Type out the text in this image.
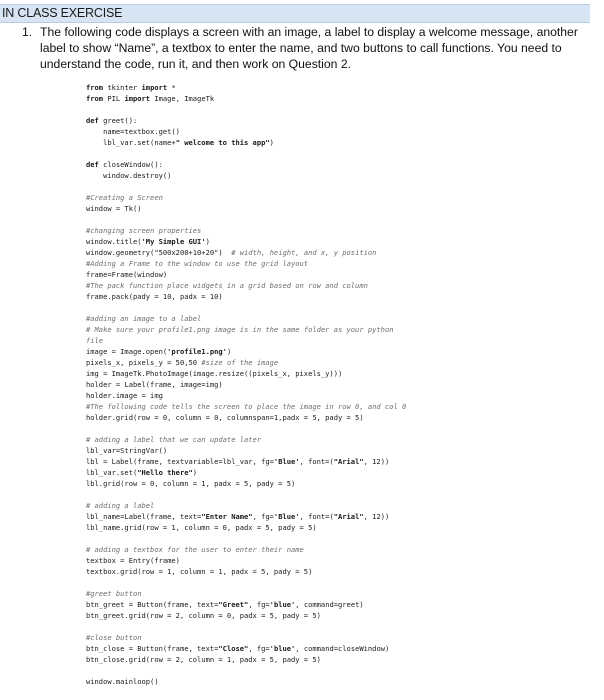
IN CLASS EXERCISE
1. The following code displays a screen with an image, a label to display a welcome message, another
label to show “Name”, a textbox to enter the name, and two buttons to call functions. You need to
understand the code, run it, and then work on Question 2.
from tkinter import *
from PIL import Image, ImageTk
def greet():
name=textbox.get()
lbl_var.set(name+" welcome to this app")
def closeWindow():
window.destroy()
#Creating a Screen
window = Tk()
#changing screen properties
window.title('My Simple GUI')
window.geometry("500x200+10+20")  # width, height, and x, y position
#Adding a Frame to the window to use the grid layout
frame=Frame(window)
#The pack function place widgets in a grid based on row and column
frame.pack(pady = 10, padx = 10)
#adding an image to a label
# Make sure your profile1.png image is in the same folder as your python
file
image = Image.open('profile1.png')
pixels_x, pixels_y = 50,50 #size of the image
img = ImageTk.PhotoImage(image.resize((pixels_x, pixels_y)))
holder = Label(frame, image=img)
holder.image = img
#The following code tells the screen to place the image in row 0, and col 0
holder.grid(row = 0, column = 0, columnspan=1,padx = 5, pady = 5)
# adding a label that we can update later
lbl_var=StringVar()
lbl = Label(frame, textvariable=lbl_var, fg='Blue', font=("Arial", 12))
lbl_var.set("Hello there")
lbl.grid(row = 0, column = 1, padx = 5, pady = 5)
# adding a label
lbl_name=Label(frame, text="Enter Name", fg='Blue', font=("Arial", 12))
lbl_name.grid(row = 1, column = 0, padx = 5, pady = 5)
# adding a textbox for the user to enter their name
textbox = Entry(frame)
textbox.grid(row = 1, column = 1, padx = 5, pady = 5)
#greet button
btn_greet = Button(frame, text="Greet", fg='blue', command=greet)
btn_greet.grid(row = 2, column = 0, padx = 5, pady = 5)
#close button
btn_close = Button(frame, text="Close", fg='blue', command=closeWindow)
btn_close.grid(row = 2, column = 1, padx = 5, pady = 5)
window.mainloop()
